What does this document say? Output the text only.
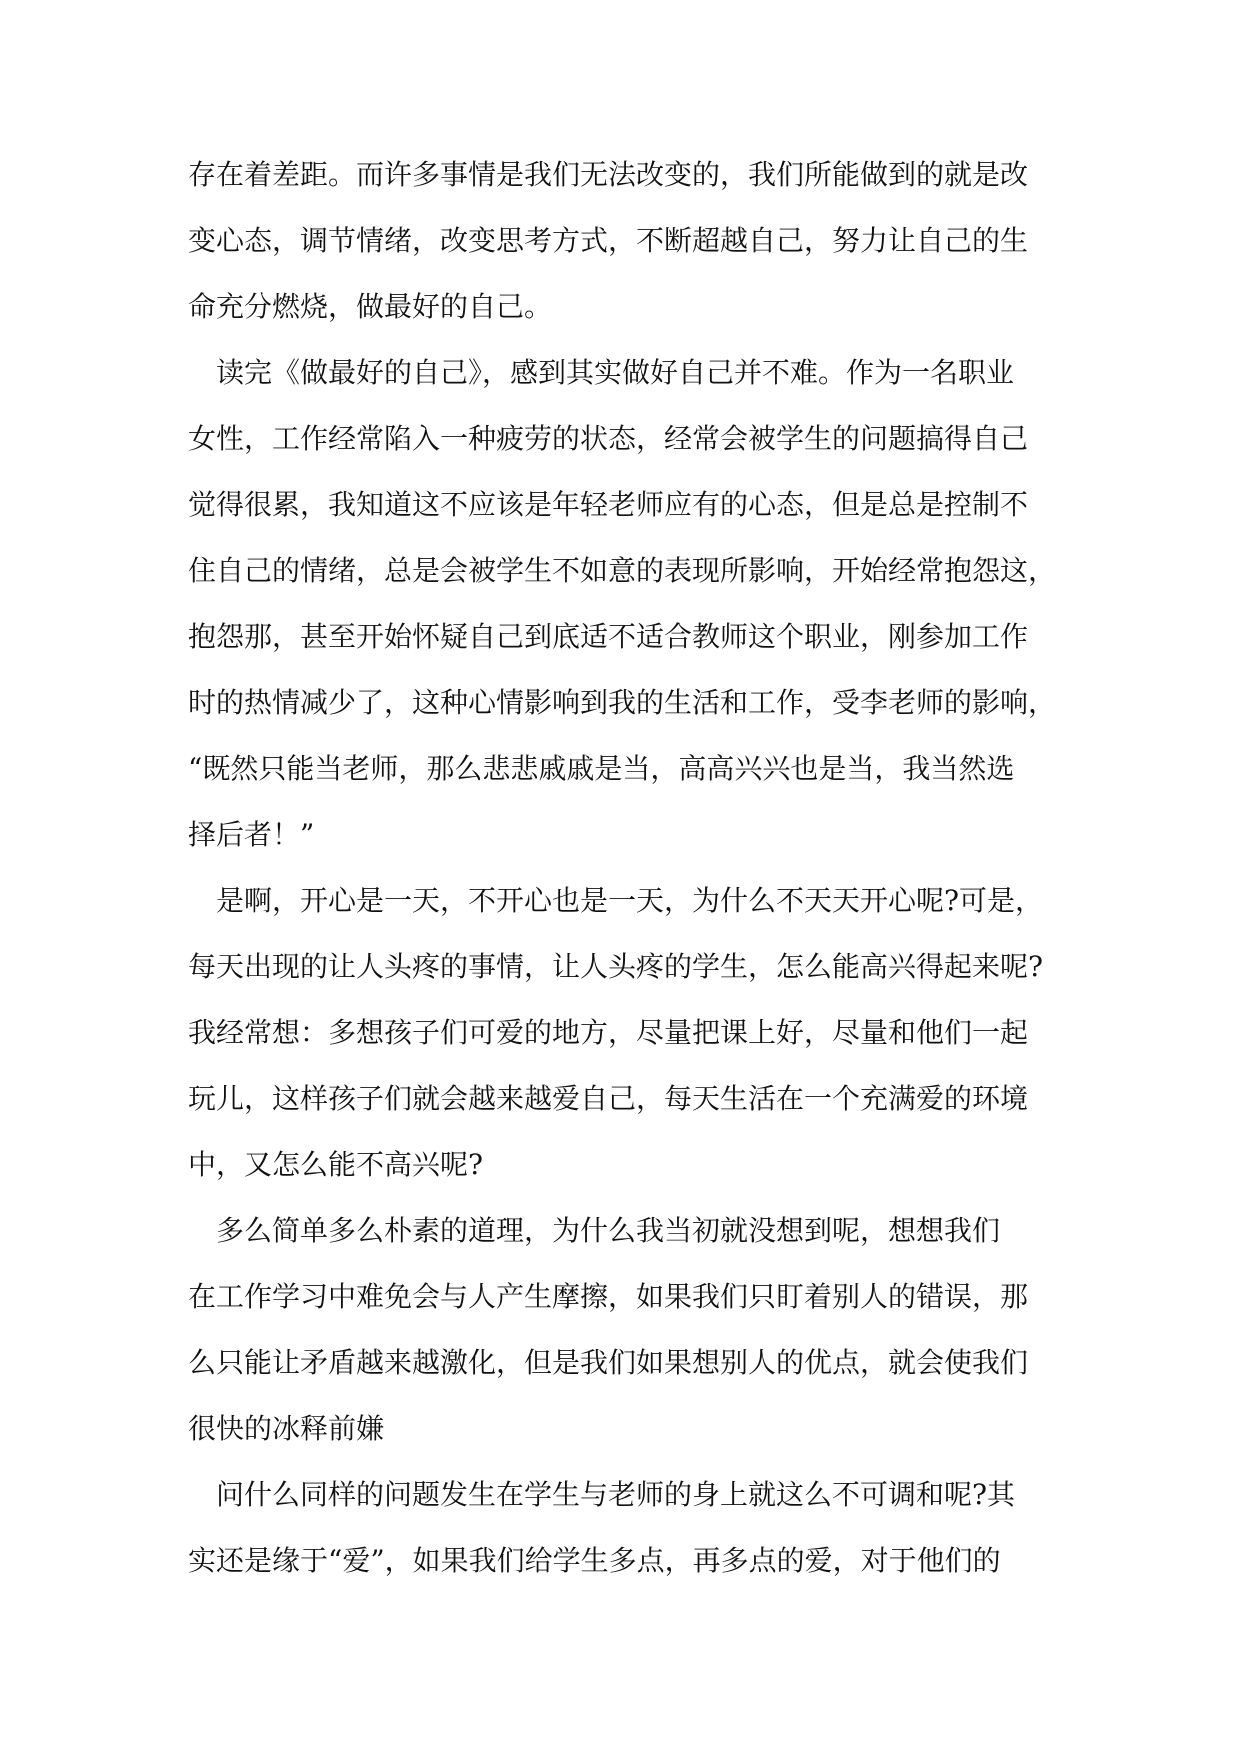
存在着差距。而许多事情是我们无法改变的，我们所能做到的就是改
变心态，调节情绪，改变思考方式，不断超越自己，努力让自己的生
命充分燃烧，做最好的自己。
　读完《做最好的自己》，感到其实做好自己并不难。作为一名职业
女性，工作经常陷入一种疲劳的状态，经常会被学生的问题搞得自己
觉得很累，我知道这不应该是年轻老师应有的心态，但是总是控制不
住自己的情绪，总是会被学生不如意的表现所影响，开始经常抱怨这，
抱怨那，甚至开始怀疑自己到底适不适合教师这个职业，刚参加工作
时的热情减少了，这种心情影响到我的生活和工作，受李老师的影响，
“既然只能当老师，那么悲悲戚戚是当，高高兴兴也是当，我当然选
择后者！”
　是啊，开心是一天，不开心也是一天，为什么不天天开心呢?可是，
每天出现的让人头疼的事情，让人头疼的学生，怎么能高兴得起来呢?
我经常想：多想孩子们可爱的地方，尽量把课上好，尽量和他们一起
玩儿，这样孩子们就会越来越爱自己，每天生活在一个充满爱的环境
中，又怎么能不高兴呢?
　多么简单多么朴素的道理，为什么我当初就没想到呢，想想我们
在工作学习中难免会与人产生摩擦，如果我们只盯着别人的错误，那
么只能让矛盾越来越激化，但是我们如果想别人的优点，就会使我们
很快的冰释前嫌
　问什么同样的问题发生在学生与老师的身上就这么不可调和呢?其
实还是缘于“爱”，如果我们给学生多点，再多点的爱，对于他们的
